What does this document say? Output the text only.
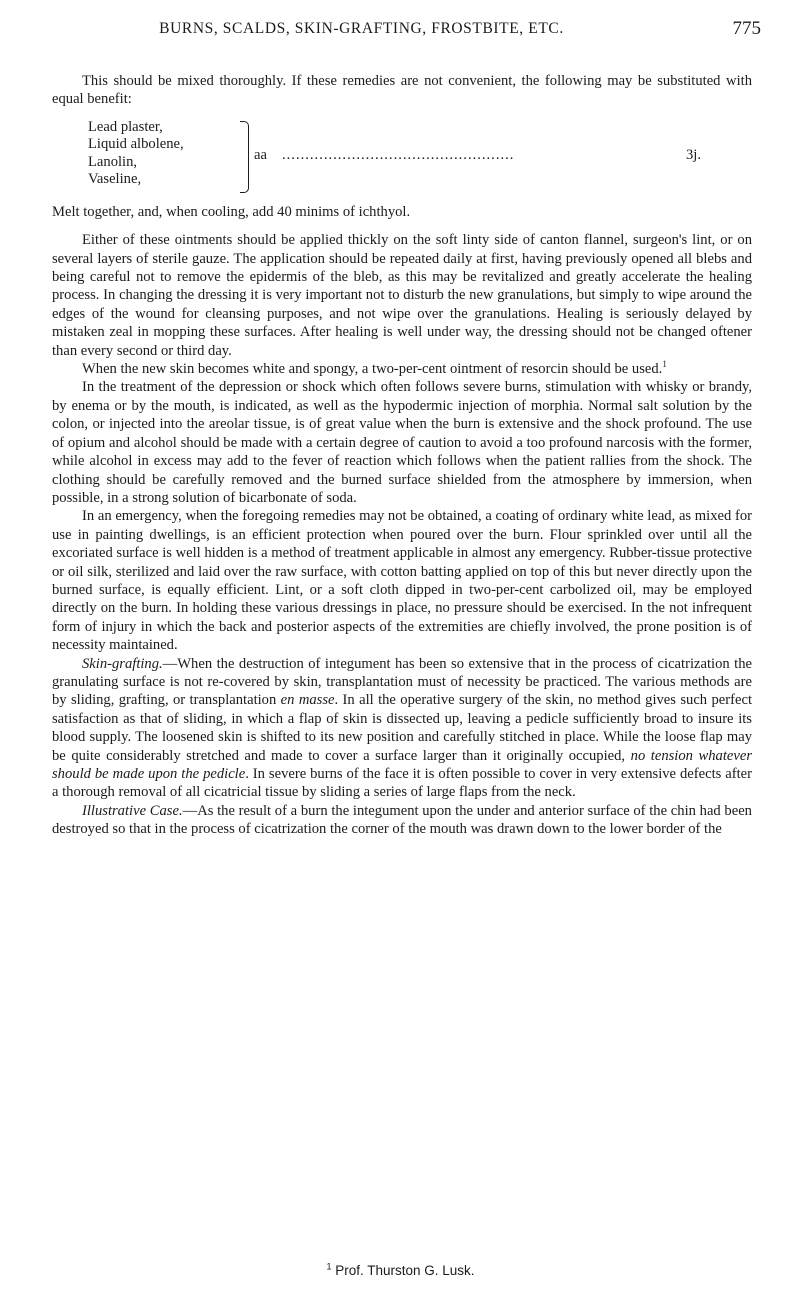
BURNS, SCALDS, SKIN-GRAFTING, FROSTBITE, ETC.	775

This should be mixed thoroughly. If these remedies are not convenient, the following may be substituted with equal benefit:

Lead plaster,
Liquid albolene,
Lanolin,
Vaseline,
aa ..................................................	3j.

Melt together, and, when cooling, add 40 minims of ichthyol.

Either of these ointments should be applied thickly on the soft linty side of canton flannel, surgeon's lint, or on several layers of sterile gauze. The application should be repeated daily at first, having previously opened all blebs and being careful not to remove the epidermis of the bleb, as this may be revitalized and greatly accelerate the healing process. In changing the dressing it is very important not to disturb the new granulations, but simply to wipe around the edges of the wound for cleansing purposes, and not wipe over the granulations. Healing is seriously delayed by mistaken zeal in mopping these surfaces. After healing is well under way, the dressing should not be changed oftener than every second or third day.

When the new skin becomes white and spongy, a two-per-cent ointment of resorcin should be used.$^1$

In the treatment of the depression or shock which often follows severe burns, stimulation with whisky or brandy, by enema or by the mouth, is indicated, as well as the hypodermic injection of morphia. Normal salt solution by the colon, or injected into the areolar tissue, is of great value when the burn is extensive and the shock profound. The use of opium and alcohol should be made with a certain degree of caution to avoid a too profound narcosis with the former, while alcohol in excess may add to the fever of reaction which follows when the patient rallies from the shock. The clothing should be carefully removed and the burned surface shielded from the atmosphere by immersion, when possible, in a strong solution of bicarbonate of soda.

In an emergency, when the foregoing remedies may not be obtained, a coating of ordinary white lead, as mixed for use in painting dwellings, is an efficient protection when poured over the burn. Flour sprinkled over until all the excoriated surface is well hidden is a method of treatment applicable in almost any emergency. Rubber-tissue protective or oil silk, sterilized and laid over the raw surface, with cotton batting applied on top of this but never directly upon the burned surface, is equally efficient. Lint, or a soft cloth dipped in two-per-cent carbolized oil, may be employed directly on the burn. In holding these various dressings in place, no pressure should be exercised. In the not infrequent form of injury in which the back and posterior aspects of the extremities are chiefly involved, the prone position is of necessity maintained.

Skin-grafting.—When the destruction of integument has been so extensive that in the process of cicatrization the granulating surface is not re-covered by skin, transplantation must of necessity be practiced. The various methods are by sliding, grafting, or transplantation en masse. In all the operative surgery of the skin, no method gives such perfect satisfaction as that of sliding, in which a flap of skin is dissected up, leaving a pedicle sufficiently broad to insure its blood supply. The loosened skin is shifted to its new position and carefully stitched in place. While the loose flap may be quite considerably stretched and made to cover a surface larger than it originally occupied, no tension whatever should be made upon the pedicle. In severe burns of the face it is often possible to cover in very extensive defects after a thorough removal of all cicatricial tissue by sliding a series of large flaps from the neck.

Illustrative Case.—As the result of a burn the integument upon the under and anterior surface of the chin had been destroyed so that in the process of cicatrization the corner of the mouth was drawn down to the lower border of the

$^1$ Prof. Thurston G. Lusk.
